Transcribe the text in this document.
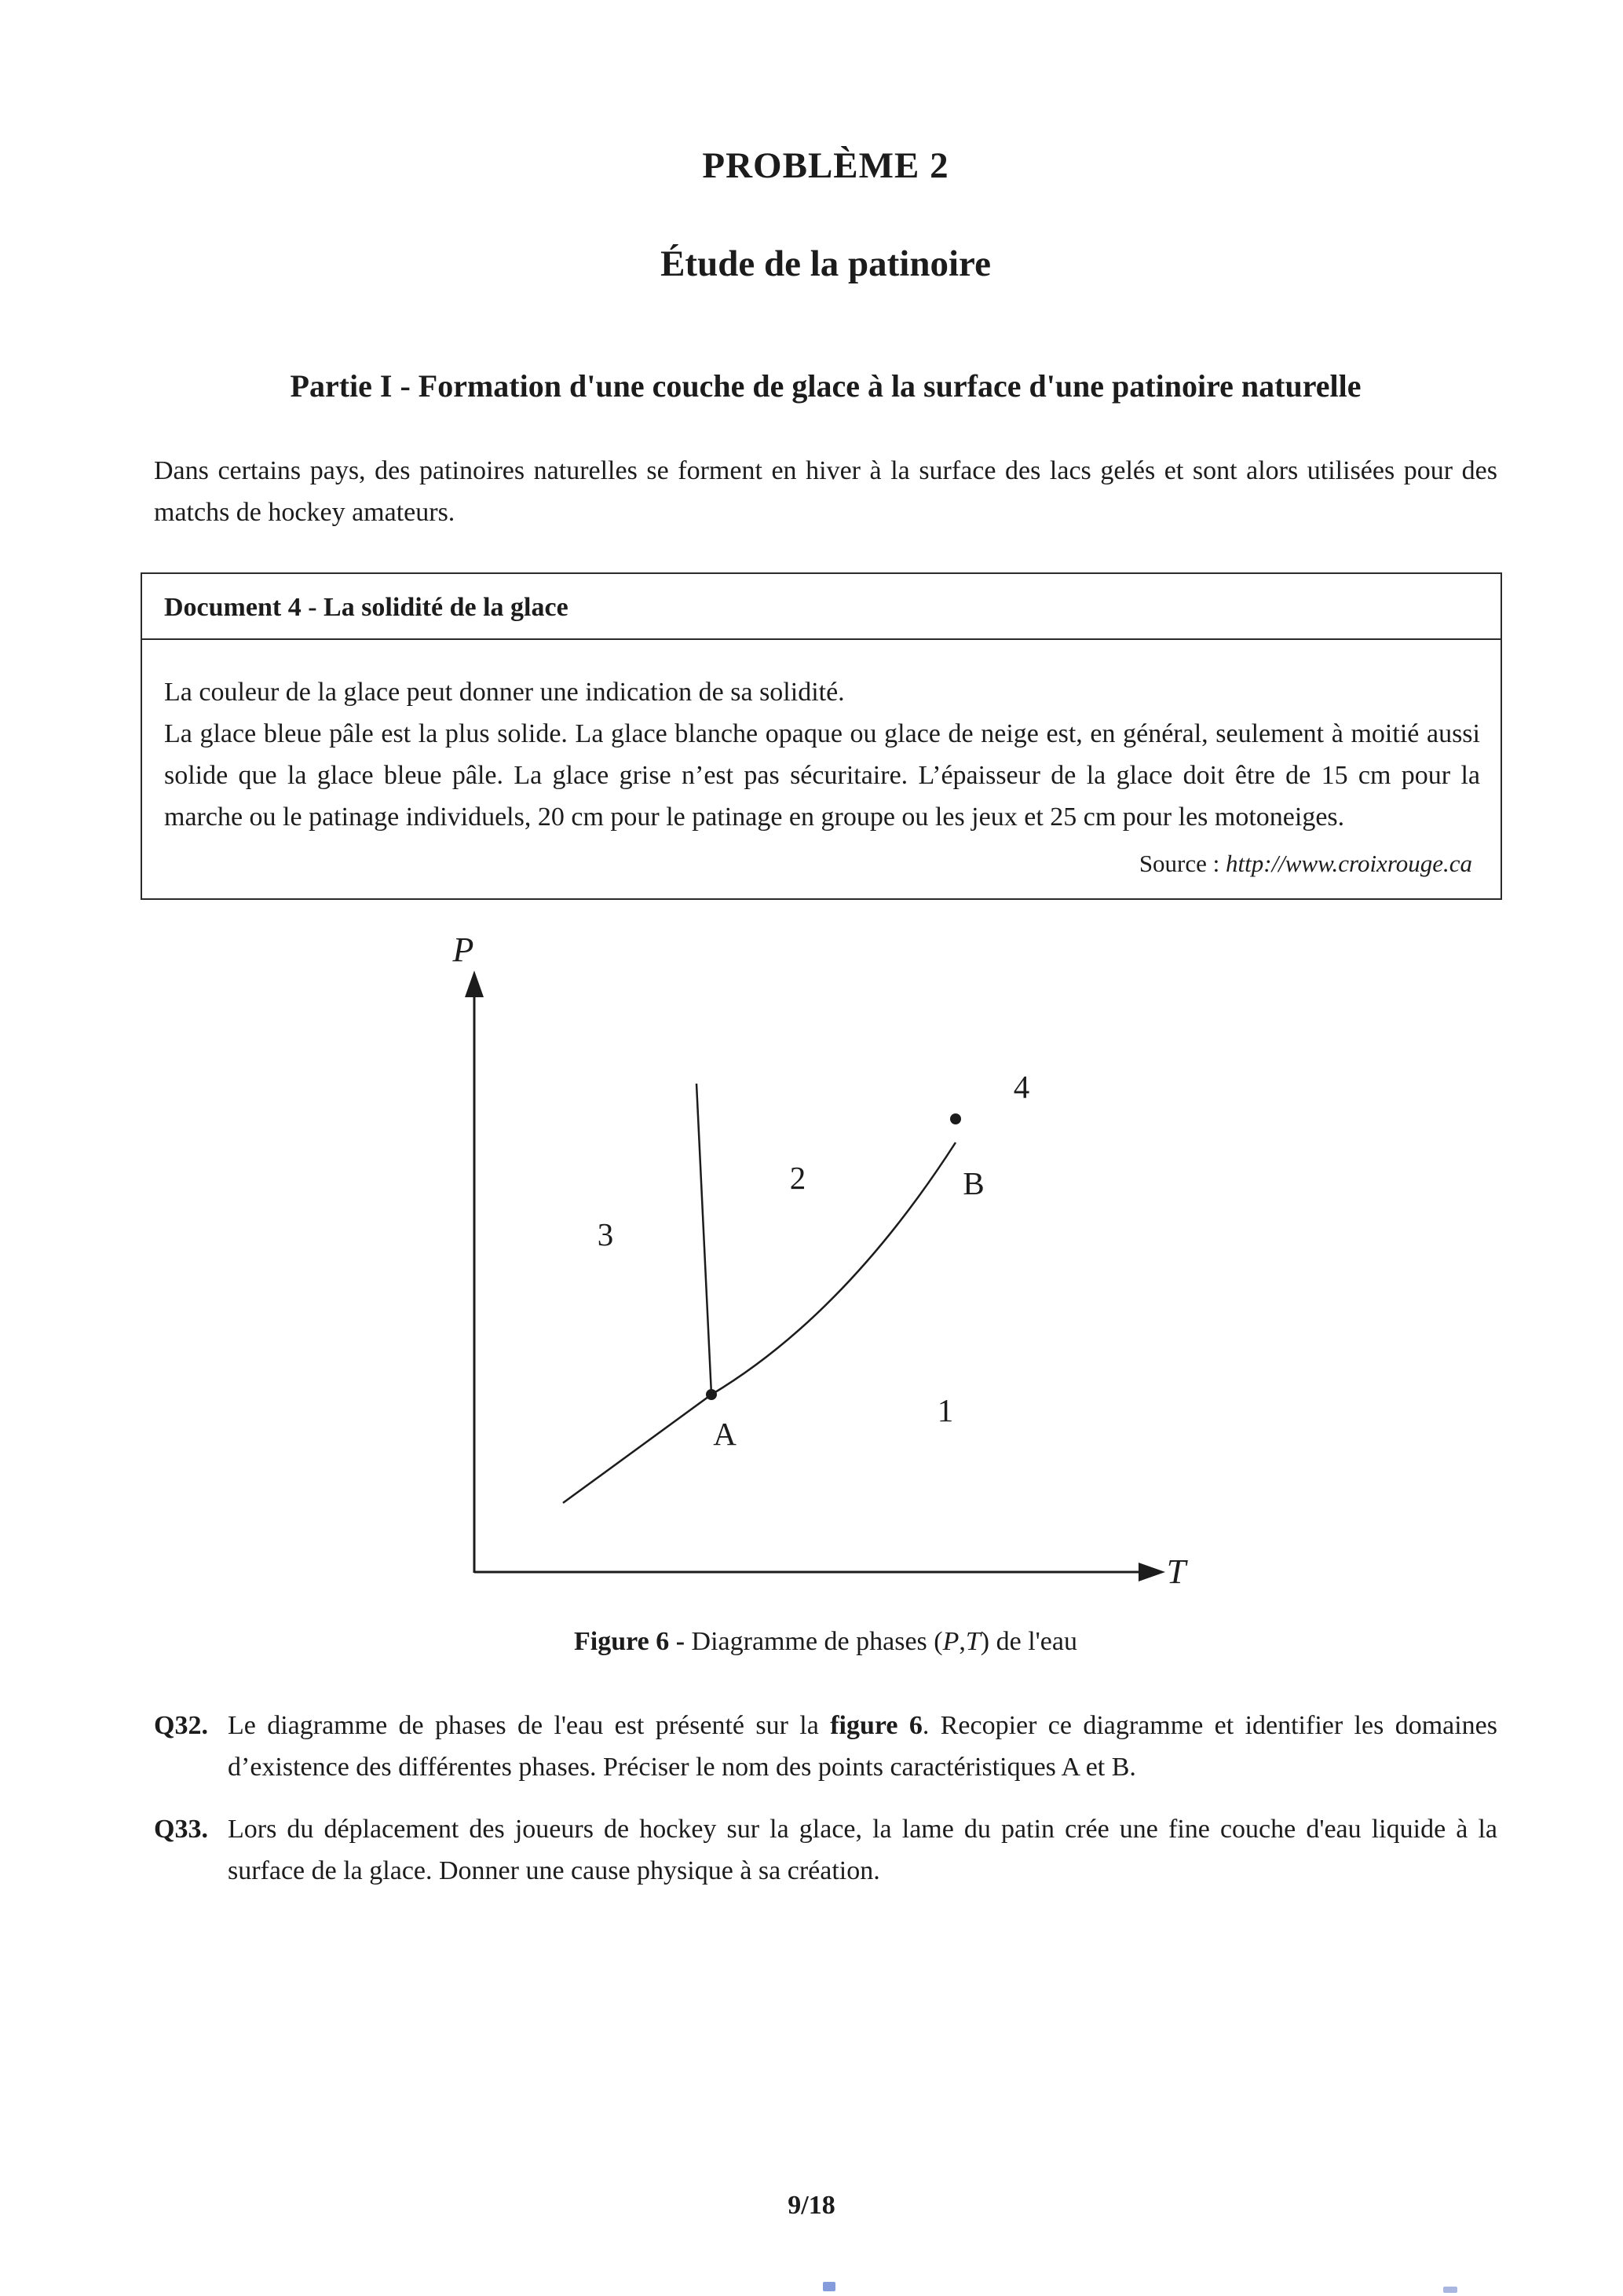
PROBLÈME 2
Étude de la patinoire
Partie I - Formation d'une couche de glace à la surface d'une patinoire naturelle

Dans certains pays, des patinoires naturelles se forment en hiver à la surface des lacs gelés et sont alors utilisées pour des matchs de hockey amateurs.

Document 4 - La solidité de la glace

La couleur de la glace peut donner une indication de sa solidité.

La glace bleue pâle est la plus solide. La glace blanche opaque ou glace de neige est, en général, seulement à moitié aussi solide que la glace bleue pâle. La glace grise n’est pas sécuritaire. L’épaisseur de la glace doit être de 15 cm pour la marche ou le patinage individuels, 20 cm pour le patinage en groupe ou les jeux et 25 cm pour les motoneiges.

Source : http://www.croixrouge.ca
P
T
3
2
4
1
A
B
Figure 6 - Diagramme de phases (P,T) de l'eau
Q32. Le diagramme de phases de l'eau est présenté sur la figure 6. Recopier ce diagramme et identifier les domaines d’existence des différentes phases. Préciser le nom des points caractéristiques A et B.
Q33. Lors du déplacement des joueurs de hockey sur la glace, la lame du patin crée une fine couche d'eau liquide à la surface de la glace. Donner une cause physique à sa création.
9/18
